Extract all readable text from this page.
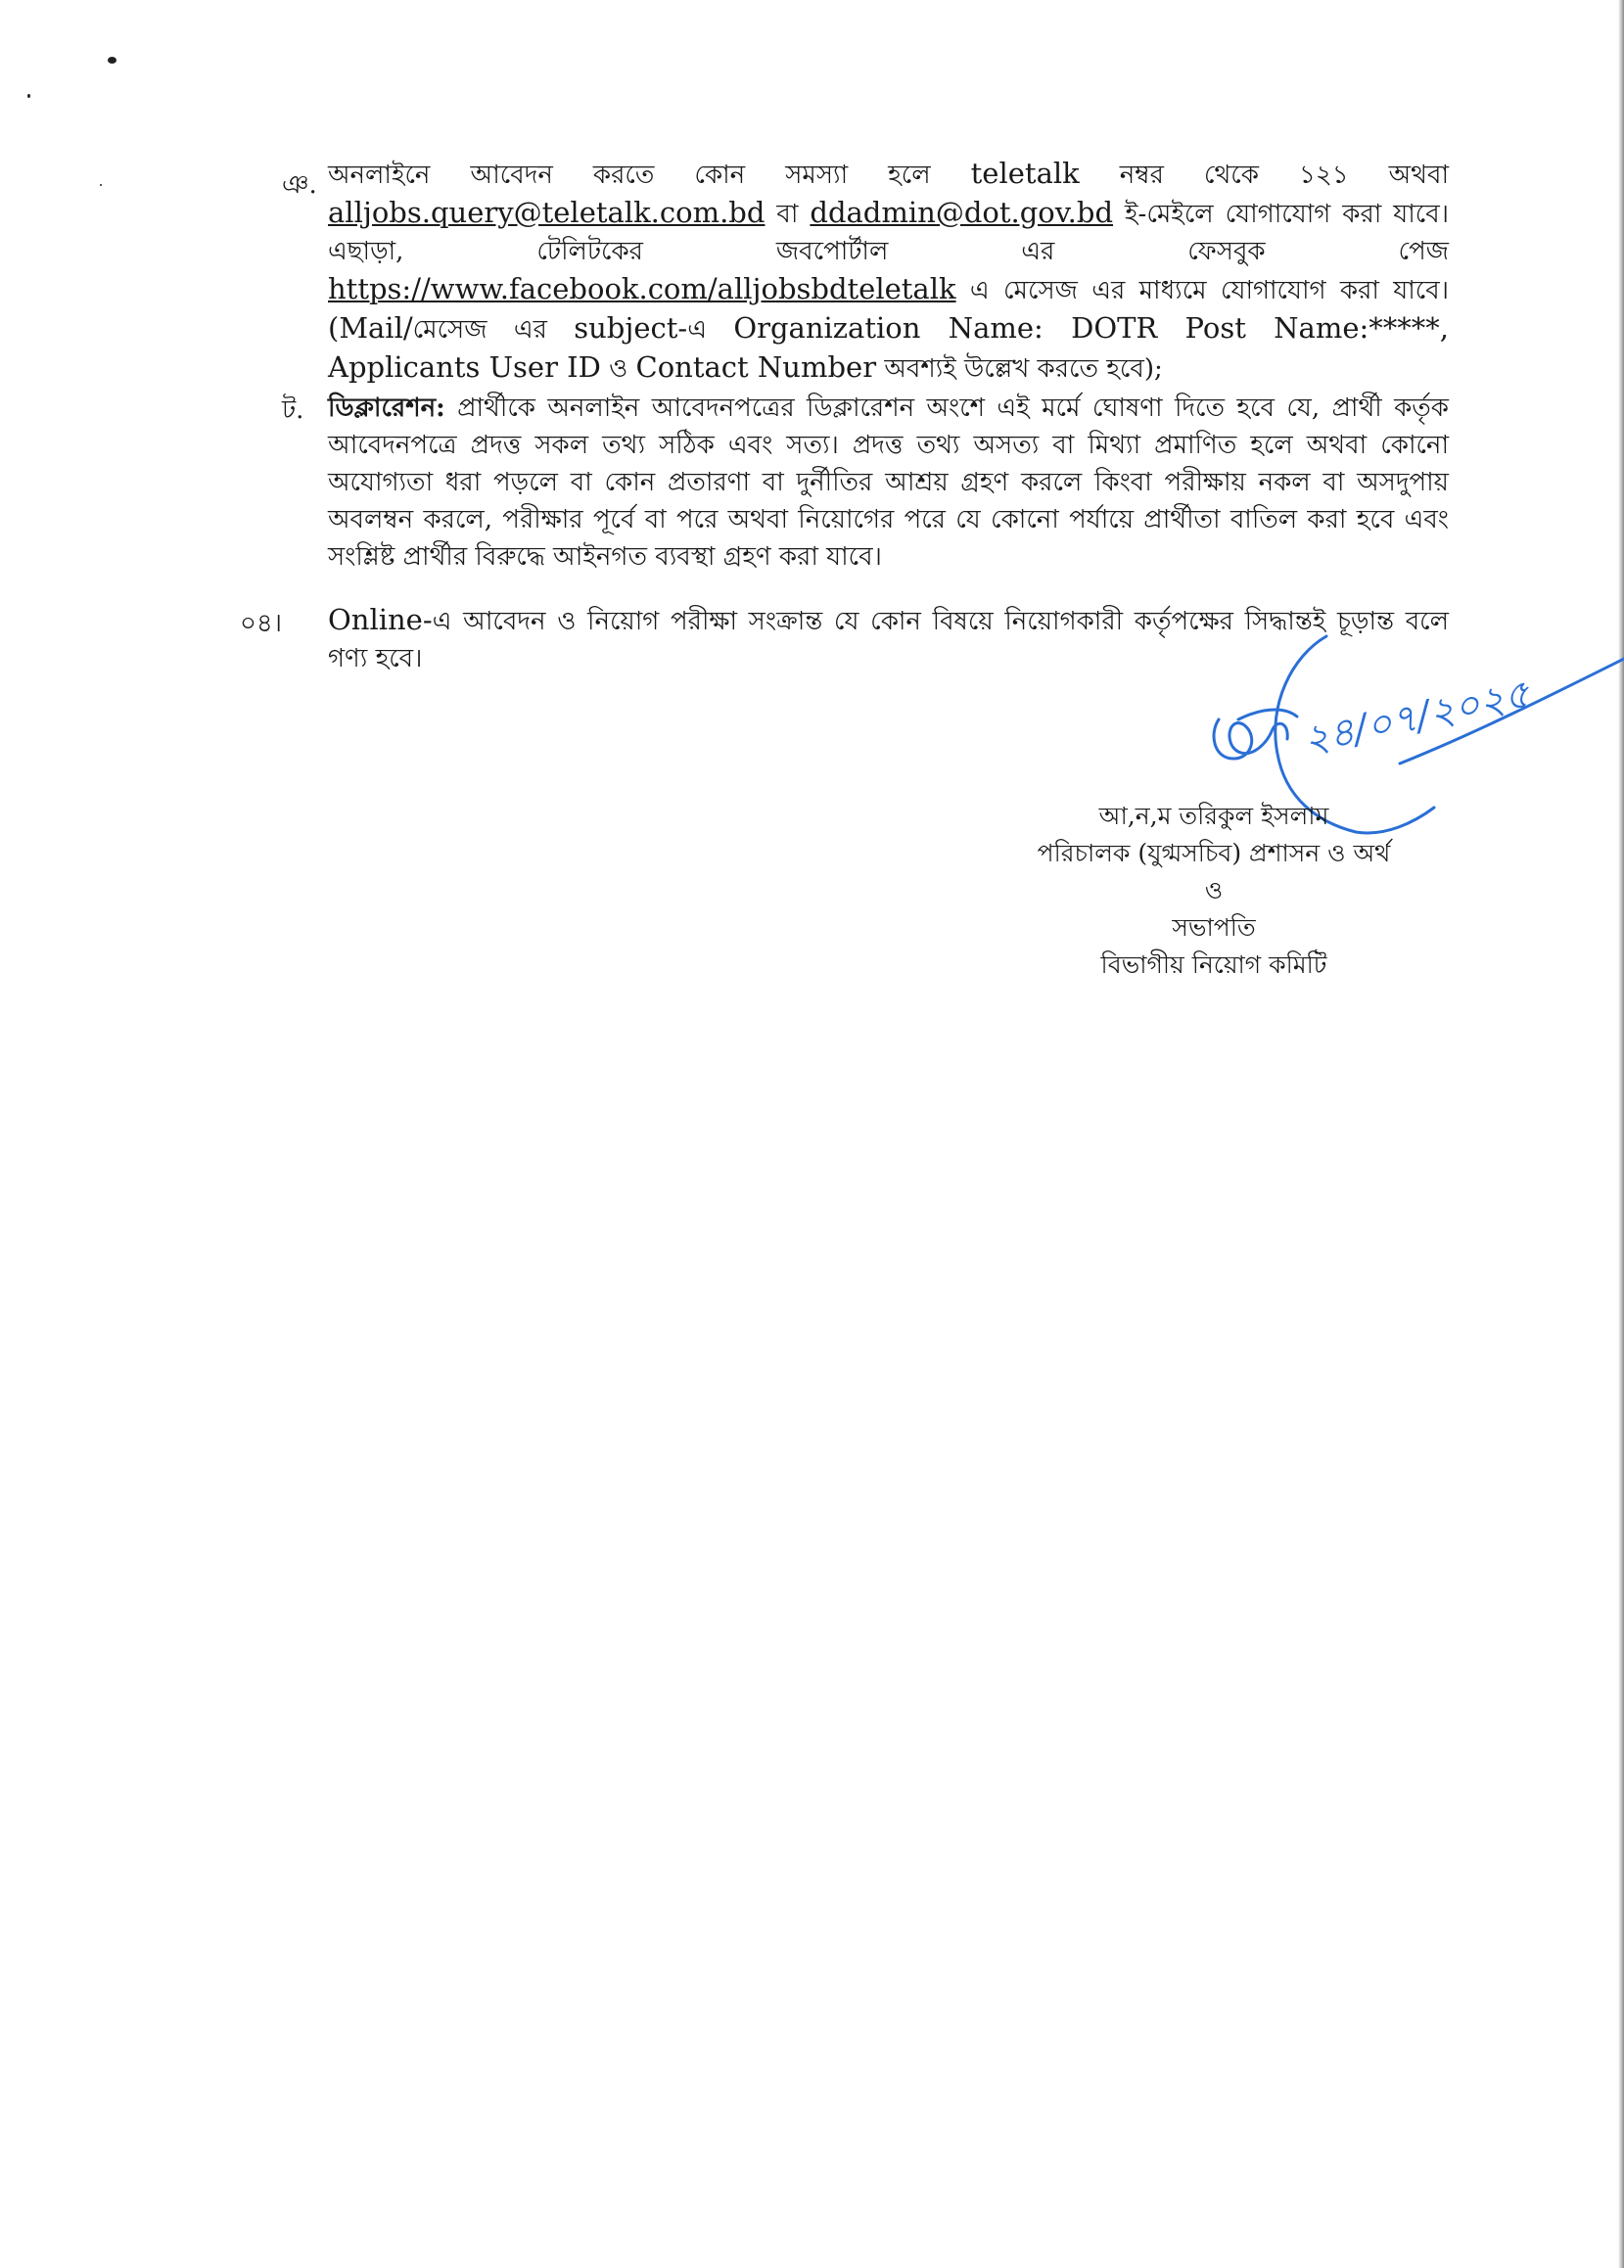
ঞ. অনলাইনে আবেদন করতে কোন সমস্যা হলে teletalk নম্বর থেকে ১২১ অথবা alljobs.query@teletalk.com.bd বা ddadmin@dot.gov.bd ই-মেইলে যোগাযোগ করা যাবে। এছাড়া, টেলিটকের জবপোর্টাল এর ফেসবুক পেজ https://www.facebook.com/alljobsbdteletalk এ মেসেজ এর মাধ্যমে যোগাযোগ করা যাবে। (Mail/মেসেজ এর subject-এ Organization Name: DOTR Post Name:*****, Applicants User ID ও Contact Number অবশ্যই উল্লেখ করতে হবে);
ট. ডিক্লারেশন: প্রার্থীকে অনলাইন আবেদনপত্রের ডিক্লারেশন অংশে এই মর্মে ঘোষণা দিতে হবে যে, প্রার্থী কর্তৃক আবেদনপত্রে প্রদত্ত সকল তথ্য সঠিক এবং সত্য। প্রদত্ত তথ্য অসত্য বা মিথ্যা প্রমাণিত হলে অথবা কোনো অযোগ্যতা ধরা পড়লে বা কোন প্রতারণা বা দুর্নীতির আশ্রয় গ্রহণ করলে কিংবা পরীক্ষায় নকল বা অসদুপায় অবলম্বন করলে, পরীক্ষার পূর্বে বা পরে অথবা নিয়োগের পরে যে কোনো পর্যায়ে প্রার্থীতা বাতিল করা হবে এবং সংশ্লিষ্ট প্রার্থীর বিরুদ্ধে আইনগত ব্যবস্থা গ্রহণ করা যাবে।
০৪। Online-এ আবেদন ও নিয়োগ পরীক্ষা সংক্রান্ত যে কোন বিষয়ে নিয়োগকারী কর্তৃপক্ষের সিদ্ধান্তই চূড়ান্ত বলে গণ্য হবে।
২৪/০৭/২০২৫
আ,ন,ম তরিকুল ইসলাম
পরিচালক (যুগ্মসচিব) প্রশাসন ও অর্থ
ও
সভাপতি
বিভাগীয় নিয়োগ কমিটি
